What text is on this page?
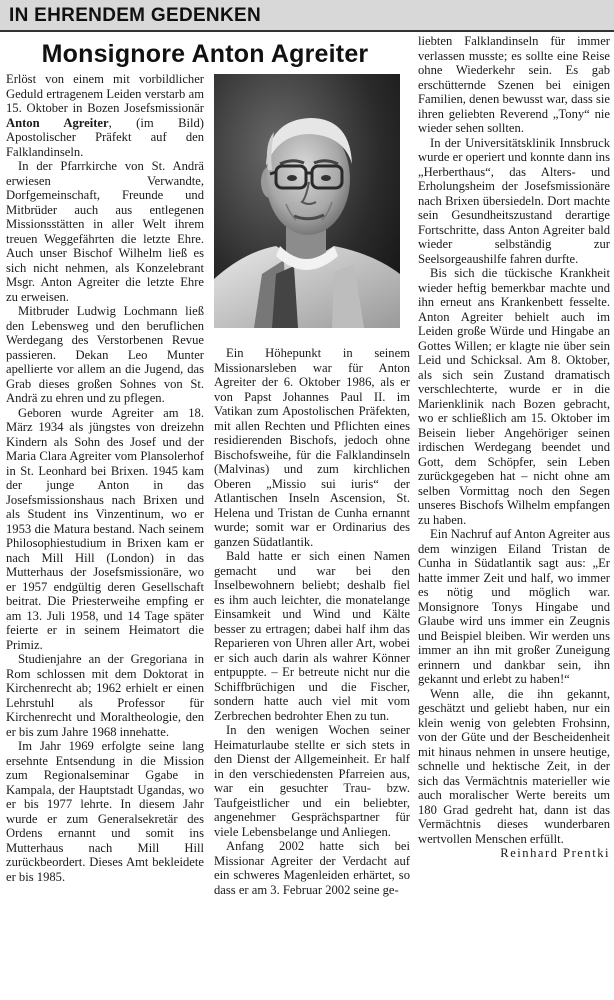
IN EHRENDEM GEDENKEN
Monsignore Anton Agreiter

Erlöst von einem mit vorbildlicher Geduld ertragenem Leiden verstarb am 15. Oktober in Bozen Josefsmissionär Anton Agreiter, (im Bild) Apostolischer Präfekt auf den Falklandinseln.

In der Pfarrkirche von St. Andrä erwiesen Verwandte, Dorfgemeinschaft, Freunde und Mitbrüder auch aus entlegenen Missionsstätten in aller Welt ihrem treuen Weggefährten die letzte Ehre. Auch unser Bischof Wilhelm ließ es sich nicht nehmen, als Konzelebrant Msgr. Anton Agreiter die letzte Ehre zu erweisen.

Mitbruder Ludwig Lochmann ließ den Lebensweg und den beruflichen Werdegang des Verstorbenen Revue passieren. Dekan Leo Munter apellierte vor allem an die Jugend, das Grab dieses großen Sohnes von St. Andrä zu ehren und zu pflegen.

Geboren wurde Agreiter am 18. März 1934 als jüngstes von dreizehn Kindern als Sohn des Josef und der Maria Clara Agreiter vom Plansolerhof in St. Leonhard bei Brixen. 1945 kam der junge Anton in das Josefsmissionshaus nach Brixen und als Student ins Vinzentinum, wo er 1953 die Matura bestand. Nach seinem Philosophiestudium in Brixen kam er nach Mill Hill (London) in das Mutterhaus der Josefsmissionäre, wo er 1957 endgültig deren Gesellschaft beitrat. Die Priesterweihe empfing er am 13. Juli 1958, und 14 Tage später feierte er in seinem Heimatort die Primiz.

Studienjahre an der Gregoriana in Rom schlossen mit dem Doktorat in Kirchenrecht ab; 1962 erhielt er einen Lehrstuhl als Professor für Kirchenrecht und Moraltheologie, den er bis zum Jahre 1968 innehatte.

Im Jahr 1969 erfolgte seine lang ersehnte Entsendung in die Mission zum Regionalseminar Ggabe in Kampala, der Hauptstadt Ugandas, wo er bis 1977 lehrte. In diesem Jahr wurde er zum Generalsekretär des Ordens ernannt und somit ins Mutterhaus nach Mill Hill zurückbeordert. Dieses Amt bekleidete er bis 1985.

Ein Höhepunkt in seinem Missionarsleben war für Anton Agreiter der 6. Oktober 1986, als er von Papst Johannes Paul II. im Vatikan zum Apostolischen Präfekten, mit allen Rechten und Pflichten eines residierenden Bischofs, jedoch ohne Bischofsweihe, für die Falklandinseln (Malvinas) und zum kirchlichen Oberen „Missio sui iuris“ der Atlantischen Inseln Ascension, St. Helena und Tristan de Cunha ernannt wurde; somit war er Ordinarius des ganzen Südatlantik.

Bald hatte er sich einen Namen gemacht und war bei den Inselbewohnern beliebt; deshalb fiel es ihm auch leichter, die monatelange Einsamkeit und Wind und Kälte besser zu ertragen; dabei half ihm das Reparieren von Uhren aller Art, wobei er sich auch darin als wahrer Könner entpuppte. – Er betreute nicht nur die Schiffbrüchigen und die Fischer, sondern hatte auch viel mit vom Zerbrechen bedrohter Ehen zu tun.

In den wenigen Wochen seiner Heimaturlaube stellte er sich stets in den Dienst der Allgemeinheit. Er half in den verschiedensten Pfarreien aus, war ein gesuchter Trau- bzw. Taufgeistlicher und ein beliebter, angenehmer Gesprächspartner für viele Lebensbelange und Anliegen.

Anfang 2002 hatte sich bei Missionar Agreiter der Verdacht auf ein schweres Magenleiden erhärtet, so dass er am 3. Februar 2002 seine ge-

liebten Falklandinseln für immer verlassen musste; es sollte eine Reise ohne Wiederkehr sein. Es gab erschütternde Szenen bei einigen Familien, denen bewusst war, dass sie ihren geliebten Reverend „Tony“ nie wieder sehen sollten.

In der Universitätsklinik Innsbruck wurde er operiert und konnte dann ins „Herberthaus“, das Alters- und Erholungsheim der Josefsmissionäre nach Brixen übersiedeln. Dort machte sein Gesundheitszustand derartige Fortschritte, dass Anton Agreiter bald wieder selbständig zur Seelsorgeaushilfe fahren durfte.

Bis sich die tückische Krankheit wieder heftig bemerkbar machte und ihn erneut ans Krankenbett fesselte. Anton Agreiter behielt auch im Leiden große Würde und Hingabe an Gottes Willen; er klagte nie über sein Leid und Schicksal. Am 8. Oktober, als sich sein Zustand dramatisch verschlechterte, wurde er in die Marienklinik nach Bozen gebracht, wo er schließlich am 15. Oktober im Beisein lieber Angehöriger seinen irdischen Werdegang beendet und Gott, dem Schöpfer, sein Leben zurückgegeben hat – nicht ohne am selben Vormittag noch den Segen unseres Bischofs Wilhelm empfangen zu haben.

Ein Nachruf auf Anton Agreiter aus dem winzigen Eiland Tristan de Cunha in Südatlantik sagt aus: „Er hatte immer Zeit und half, wo immer es nötig und möglich war. Monsignore Tonys Hingabe und Glaube wird uns immer ein Zeugnis und Beispiel bleiben. Wir werden uns immer an ihn mit großer Zuneigung erinnern und dankbar sein, ihn gekannt und erlebt zu haben!“

Wenn alle, die ihn gekannt, geschätzt und geliebt haben, nur ein klein wenig von gelebten Frohsinn, von der Güte und der Bescheidenheit mit hinaus nehmen in unsere heutige, schnelle und hektische Zeit, in der sich das Vermächtnis materieller wie auch moralischer Werte bereits um 180 Grad gedreht hat, dann ist das Vermächtnis dieses wunderbaren wertvollen Menschen erfüllt.

Reinhard Prentki
